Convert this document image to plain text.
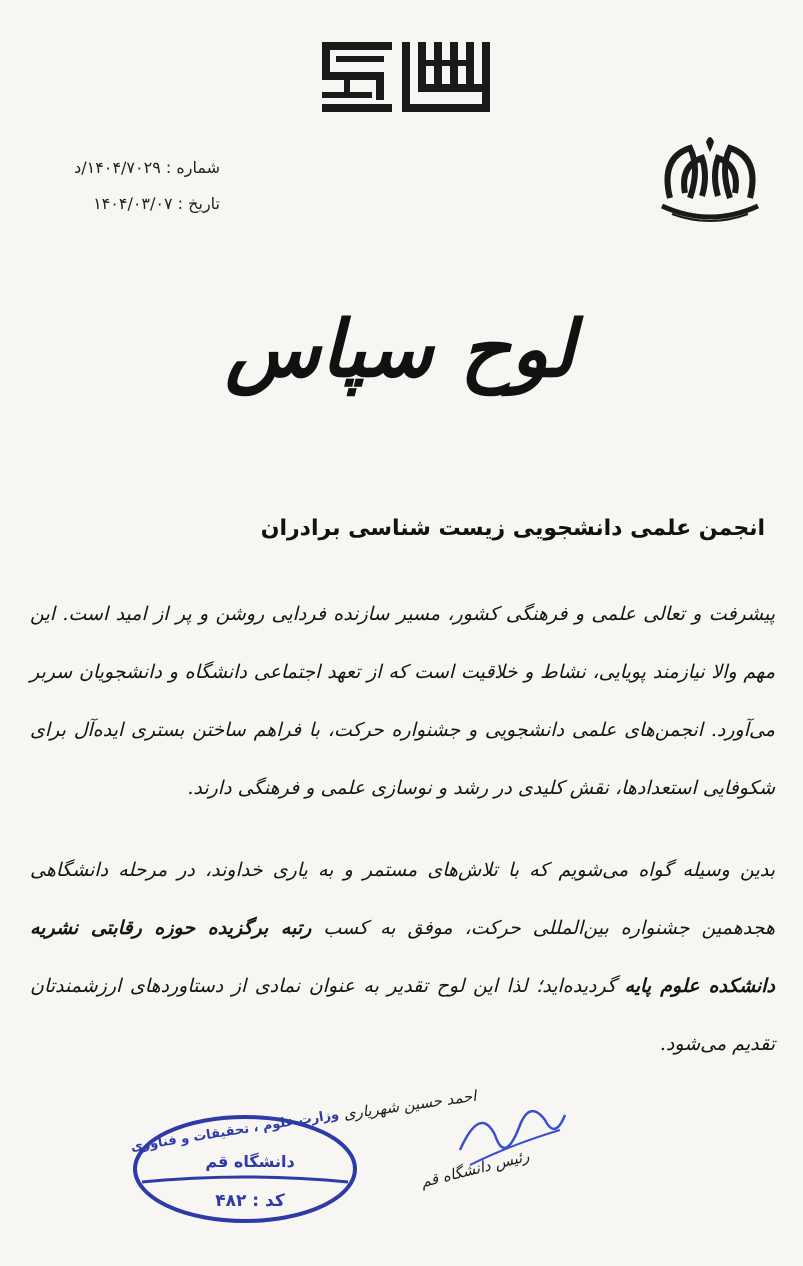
شماره : ۱۴۰۴/۷۰۲۹/د
تاریخ : ۱۴۰۴/۰۳/۰۷
لوح سپاس
انجمن علمی دانشجویی زیست شناسی برادران

پیشرفت و تعالی علمی و فرهنگی کشور، مسیر سازنده فردایی روشن و پر از امید است. این مهم والا نیازمند پویایی، نشاط و خلاقیت است که از تعهد اجتماعی دانشگاه و دانشجویان سربر می‌آورد. انجمن‌های علمی دانشجویی و جشنواره حرکت، با فراهم ساختن بستری ایده‌آل برای شکوفایی استعدادها، نقش کلیدی در رشد و نوسازی علمی و فرهنگی دارند.

بدین وسیله گواه می‌شویم که با تلاش‌های مستمر و به یاری خداوند، در مرحله دانشگاهی هجدهمین جشنواره بین‌المللی حرکت، موفق به کسب رتبه برگزیده حوزه رقابتی نشریه دانشکده علوم پایه گردیده‌اید؛ لذا این لوح تقدیر به عنوان نمادی از دستاوردهای ارزشمندتان تقدیم می‌شود.

وزارت علوم ، تحقیقات و فناوری
دانشگاه قم
کد : ۴۸۲
احمد حسین شهریاری
رئیس دانشگاه قم
